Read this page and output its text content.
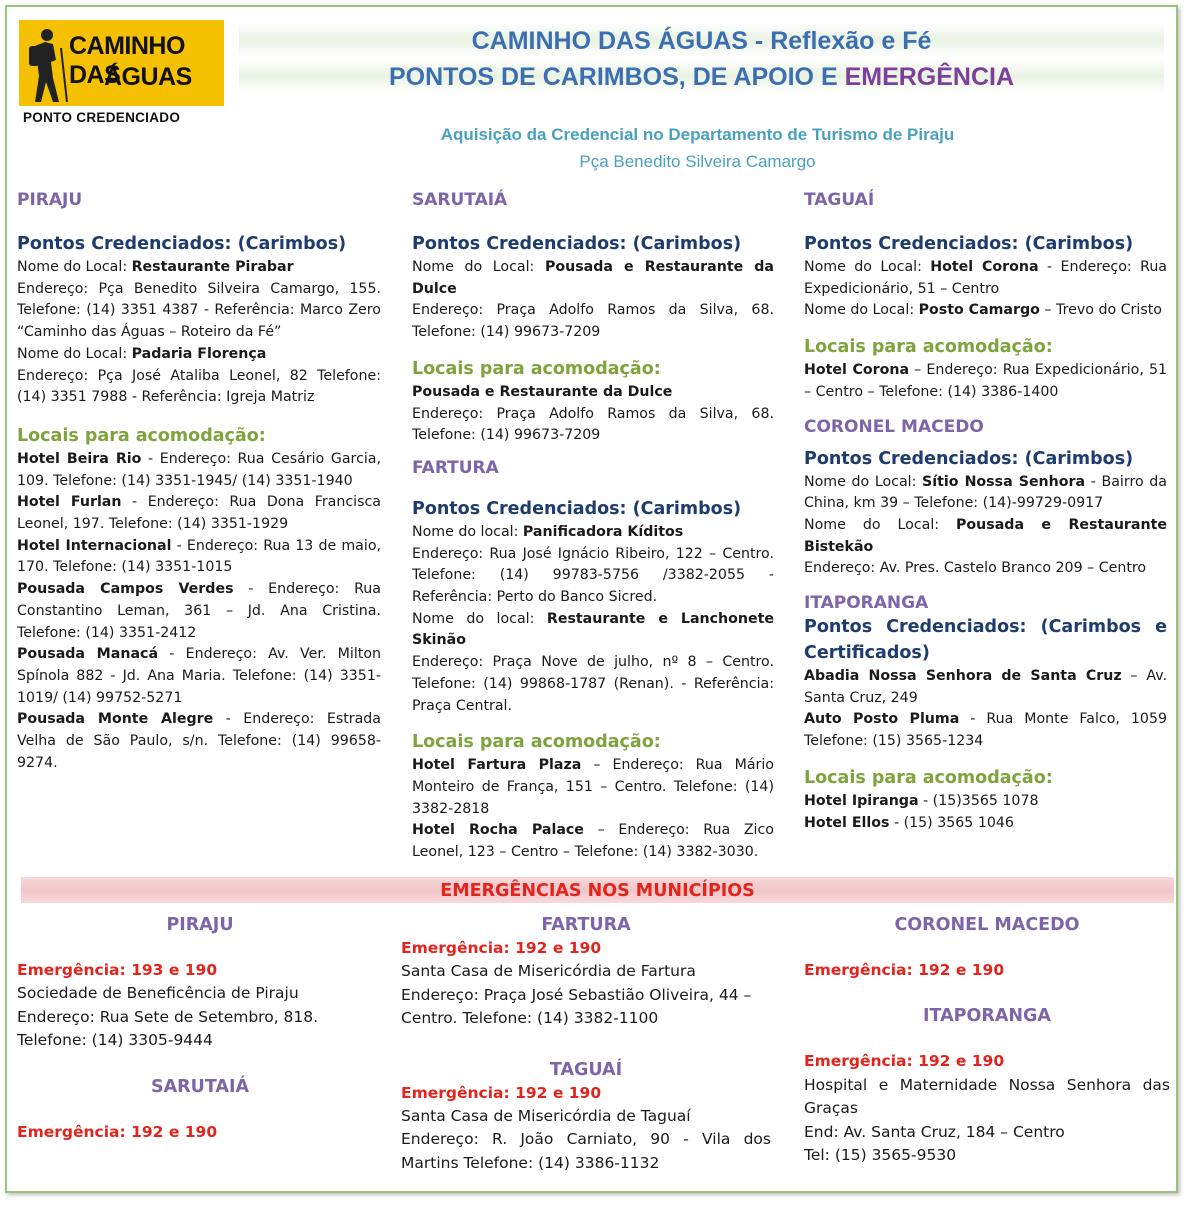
CAMINHO DAS
ÁGUAS
PONTO CREDENCIADO
CAMINHO DAS ÁGUAS - Reflexão e Fé
PONTOS DE CARIMBOS, DE APOIO E EMERGÊNCIA
Aquisição da Credencial no Departamento de Turismo de Piraju
Pça Benedito Silveira Camargo

PIRAJU

Pontos Credenciados: (Carimbos)

Nome do Local: Restaurante Pirabar

Endereço: Pça Benedito Silveira Camargo, 155. Telefone: (14) 3351 4387 - Referência: Marco Zero “Caminho das Águas – Roteiro da Fé”

Nome do Local: Padaria Florença

Endereço: Pça José Ataliba Leonel, 82 Telefone: (14) 3351 7988 - Referência: Igreja Matriz

Locais para acomodação:

Hotel Beira Rio - Endereço: Rua Cesário Garcia, 109. Telefone: (14) 3351-1945/ (14) 3351-1940

Hotel Furlan - Endereço: Rua Dona Francisca Leonel, 197. Telefone: (14) 3351-1929

Hotel Internacional - Endereço: Rua 13 de maio, 170. Telefone: (14) 3351-1015

Pousada Campos Verdes - Endereço: Rua Constantino Leman, 361 – Jd. Ana Cristina. Telefone: (14) 3351-2412

Pousada Manacá - Endereço: Av. Ver. Milton Spínola 882 - Jd. Ana Maria. Telefone: (14) 3351-1019/ (14) 99752-5271

Pousada Monte Alegre - Endereço: Estrada Velha de São Paulo, s/n. Telefone: (14) 99658-9274.

SARUTAIÁ

Pontos Credenciados: (Carimbos)

Nome do Local: Pousada e Restaurante da Dulce

Endereço: Praça Adolfo Ramos da Silva, 68. Telefone: (14) 99673-7209

Locais para acomodação:

Pousada e Restaurante da Dulce

Endereço: Praça Adolfo Ramos da Silva, 68. Telefone: (14) 99673-7209

FARTURA

Pontos Credenciados: (Carimbos)

Nome do local: Panificadora Kíditos

Endereço: Rua José Ignácio Ribeiro, 122 – Centro. Telefone: (14) 99783-5756 /3382-2055 - Referência: Perto do Banco Sicred.

Nome do local: Restaurante e Lanchonete Skinão

Endereço: Praça Nove de julho, nº 8 – Centro. Telefone: (14) 99868-1787 (Renan). - Referência: Praça Central.

Locais para acomodação:

Hotel Fartura Plaza – Endereço: Rua Mário Monteiro de França, 151 – Centro. Telefone: (14) 3382-2818

Hotel Rocha Palace – Endereço: Rua Zico Leonel, 123 – Centro – Telefone: (14) 3382-3030.

TAGUAÍ

Pontos Credenciados: (Carimbos)

Nome do Local: Hotel Corona - Endereço: Rua Expedicionário, 51 – Centro

Nome do Local: Posto Camargo – Trevo do Cristo

Locais para acomodação:

Hotel Corona – Endereço: Rua Expedicionário, 51 – Centro – Telefone: (14) 3386-1400

CORONEL MACEDO

Pontos Credenciados: (Carimbos)

Nome do Local: Sítio Nossa Senhora - Bairro da China, km 39 – Telefone: (14)-99729-0917

Nome do Local: Pousada e Restaurante Bistekão

Endereço: Av. Pres. Castelo Branco 209 – Centro

ITAPORANGA

Pontos Credenciados: (Carimbos e

Certificados)

Abadia Nossa Senhora de Santa Cruz – Av. Santa Cruz, 249

Auto Posto Pluma - Rua Monte Falco, 1059 Telefone: (15) 3565-1234

Locais para acomodação:

Hotel Ipiranga - (15)3565 1078

Hotel Ellos - (15) 3565 1046

EMERGÊNCIAS NOS MUNICÍPIOS

PIRAJU

Emergência: 193 e 190

Sociedade de Beneficência de Piraju

Endereço: Rua Sete de Setembro, 818.

Telefone: (14) 3305-9444

SARUTAIÁ

Emergência: 192 e 190

FARTURA

Emergência: 192 e 190

Santa Casa de Misericórdia de Fartura

Endereço: Praça José Sebastião Oliveira, 44 – Centro. Telefone: (14) 3382-1100

TAGUAÍ

Emergência: 192 e 190

Santa Casa de Misericórdia de Taguaí

Endereço: R. João Carniato, 90 - Vila dos Martins Telefone: (14) 3386-1132

CORONEL MACEDO

Emergência: 192 e 190

ITAPORANGA

Emergência: 192 e 190

Hospital e Maternidade Nossa Senhora das Graças

End: Av. Santa Cruz, 184 – Centro

Tel: (15) 3565-9530
